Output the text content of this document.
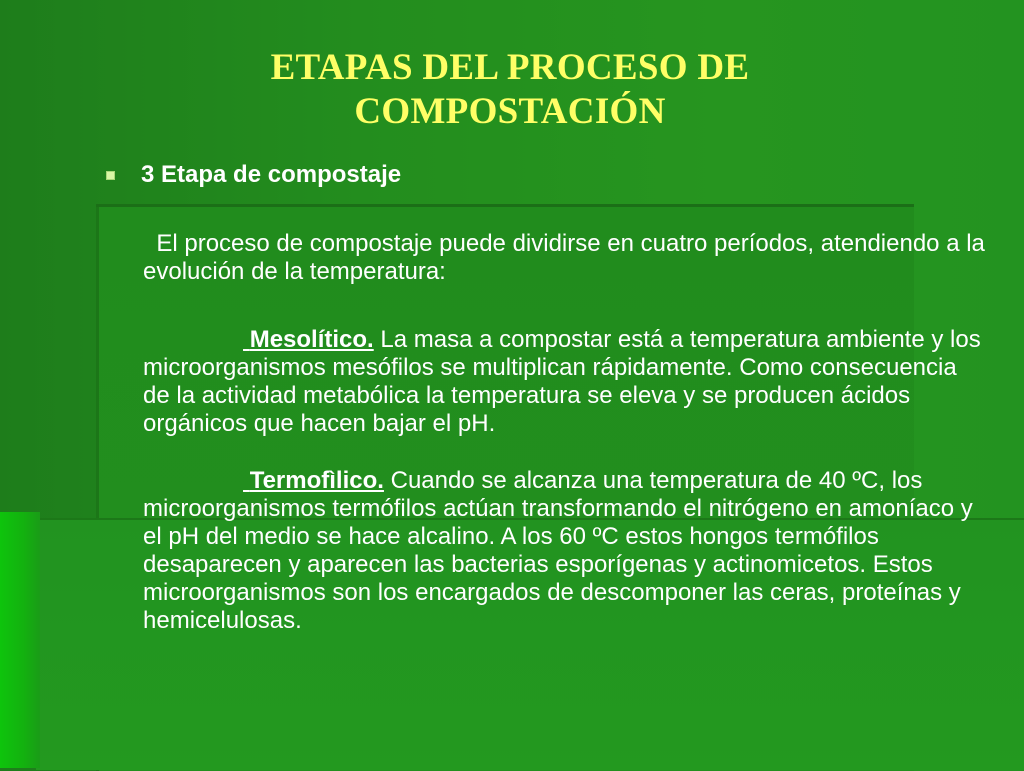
ETAPAS DEL PROCESO DE
COMPOSTACIÓN
3 Etapa de compostaje
El proceso de compostaje puede dividirse en cuatro períodos, atendiendo a la evolución de la temperatura:
Mesolítico. La masa a compostar está a temperatura ambiente y los microorganismos mesófilos se multiplican rápidamente. Como consecuencia de la actividad metabólica la temperatura se eleva y se producen ácidos orgánicos que hacen bajar el pH.
Termofìlico. Cuando se alcanza una temperatura de 40 ºC, los microorganismos termófilos actúan transformando el nitrógeno en amoníaco y el pH del medio se hace alcalino. A los 60 ºC estos hongos termófilos desaparecen y aparecen las bacterias esporígenas y actinomicetos. Estos microorganismos son los encargados de descomponer las ceras, proteínas y hemicelulosas.
